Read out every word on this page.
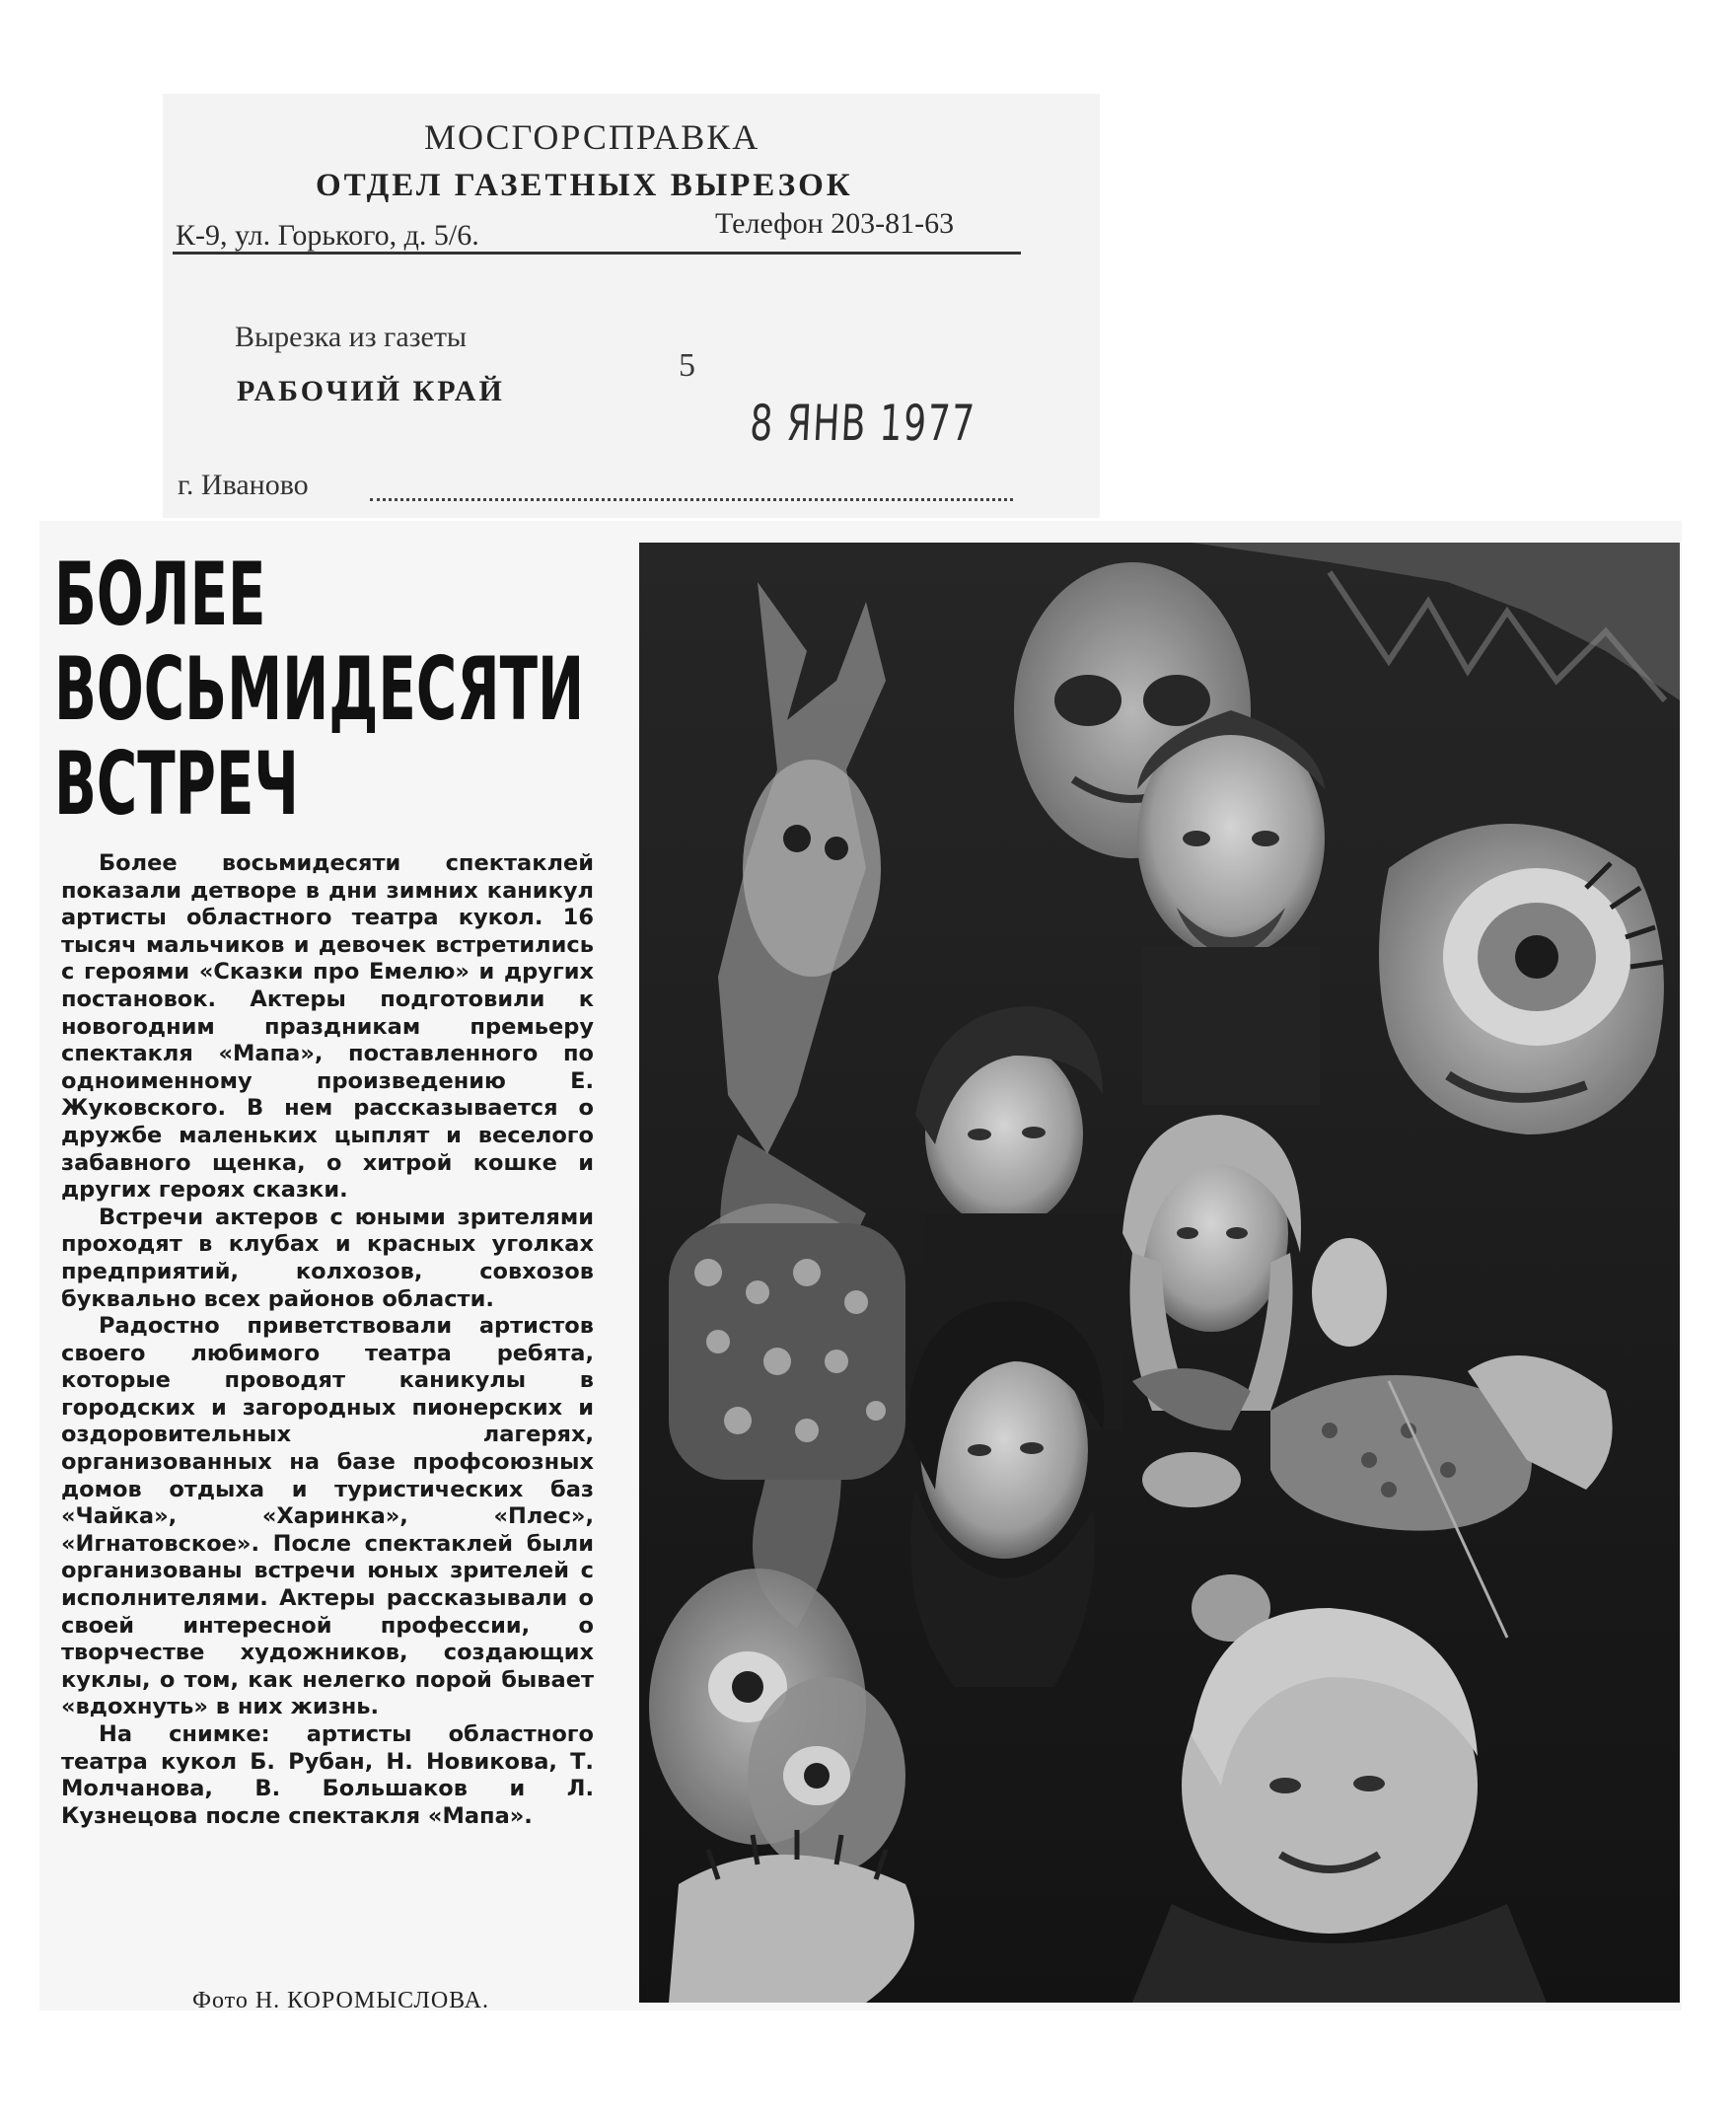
МОСГОРСПРАВКА
ОТДЕЛ ГАЗЕТНЫХ ВЫРЕЗОК
К-9, ул. Горького, д. 5/6.	Телефон 203-81-63
Вырезка из газеты
РАБОЧИЙ КРАЙ
5
8 ЯНВ 1977
г. Иваново
БОЛЕЕ
ВОСЬМИДЕСЯТИ
ВСТРЕЧ

Более восьмидесяти спектаклей показали детворе в дни зимних каникул артисты областного театра кукол. 16 тысяч мальчиков и девочек встретились с героями «Сказки про Емелю» и других постановок. Актеры подготовили к новогодним праздникам премьеру спектакля «Мапа», поставленного по одноименному произведению Е. Жуковского. В нем рассказывается о дружбе маленьких цыплят и веселого забавного щенка, о хитрой кошке и других героях сказки.

Встречи актеров с юными зрителями проходят в клубах и красных уголках предприятий, колхозов, совхозов буквально всех районов области.

Радостно приветствовали артистов своего любимого театра ребята, которые проводят каникулы в городских и загородных пионерских и оздоровительных лагерях, организованных на базе профсоюзных домов отдыха и туристических баз «Чайка», «Харинка», «Плес», «Игнатовское». После спектаклей были организованы встречи юных зрителей с исполнителями. Актеры рассказывали о своей интересной профессии, о творчестве художников, создающих куклы, о том, как нелегко порой бывает «вдохнуть» в них жизнь.

На снимке: артисты областного театра кукол Б. Рубан, Н. Новикова, Т. Молчанова, В. Большаков и Л. Кузнецова после спектакля «Мапа».

Фото Н. КОРОМЫСЛОВА.
